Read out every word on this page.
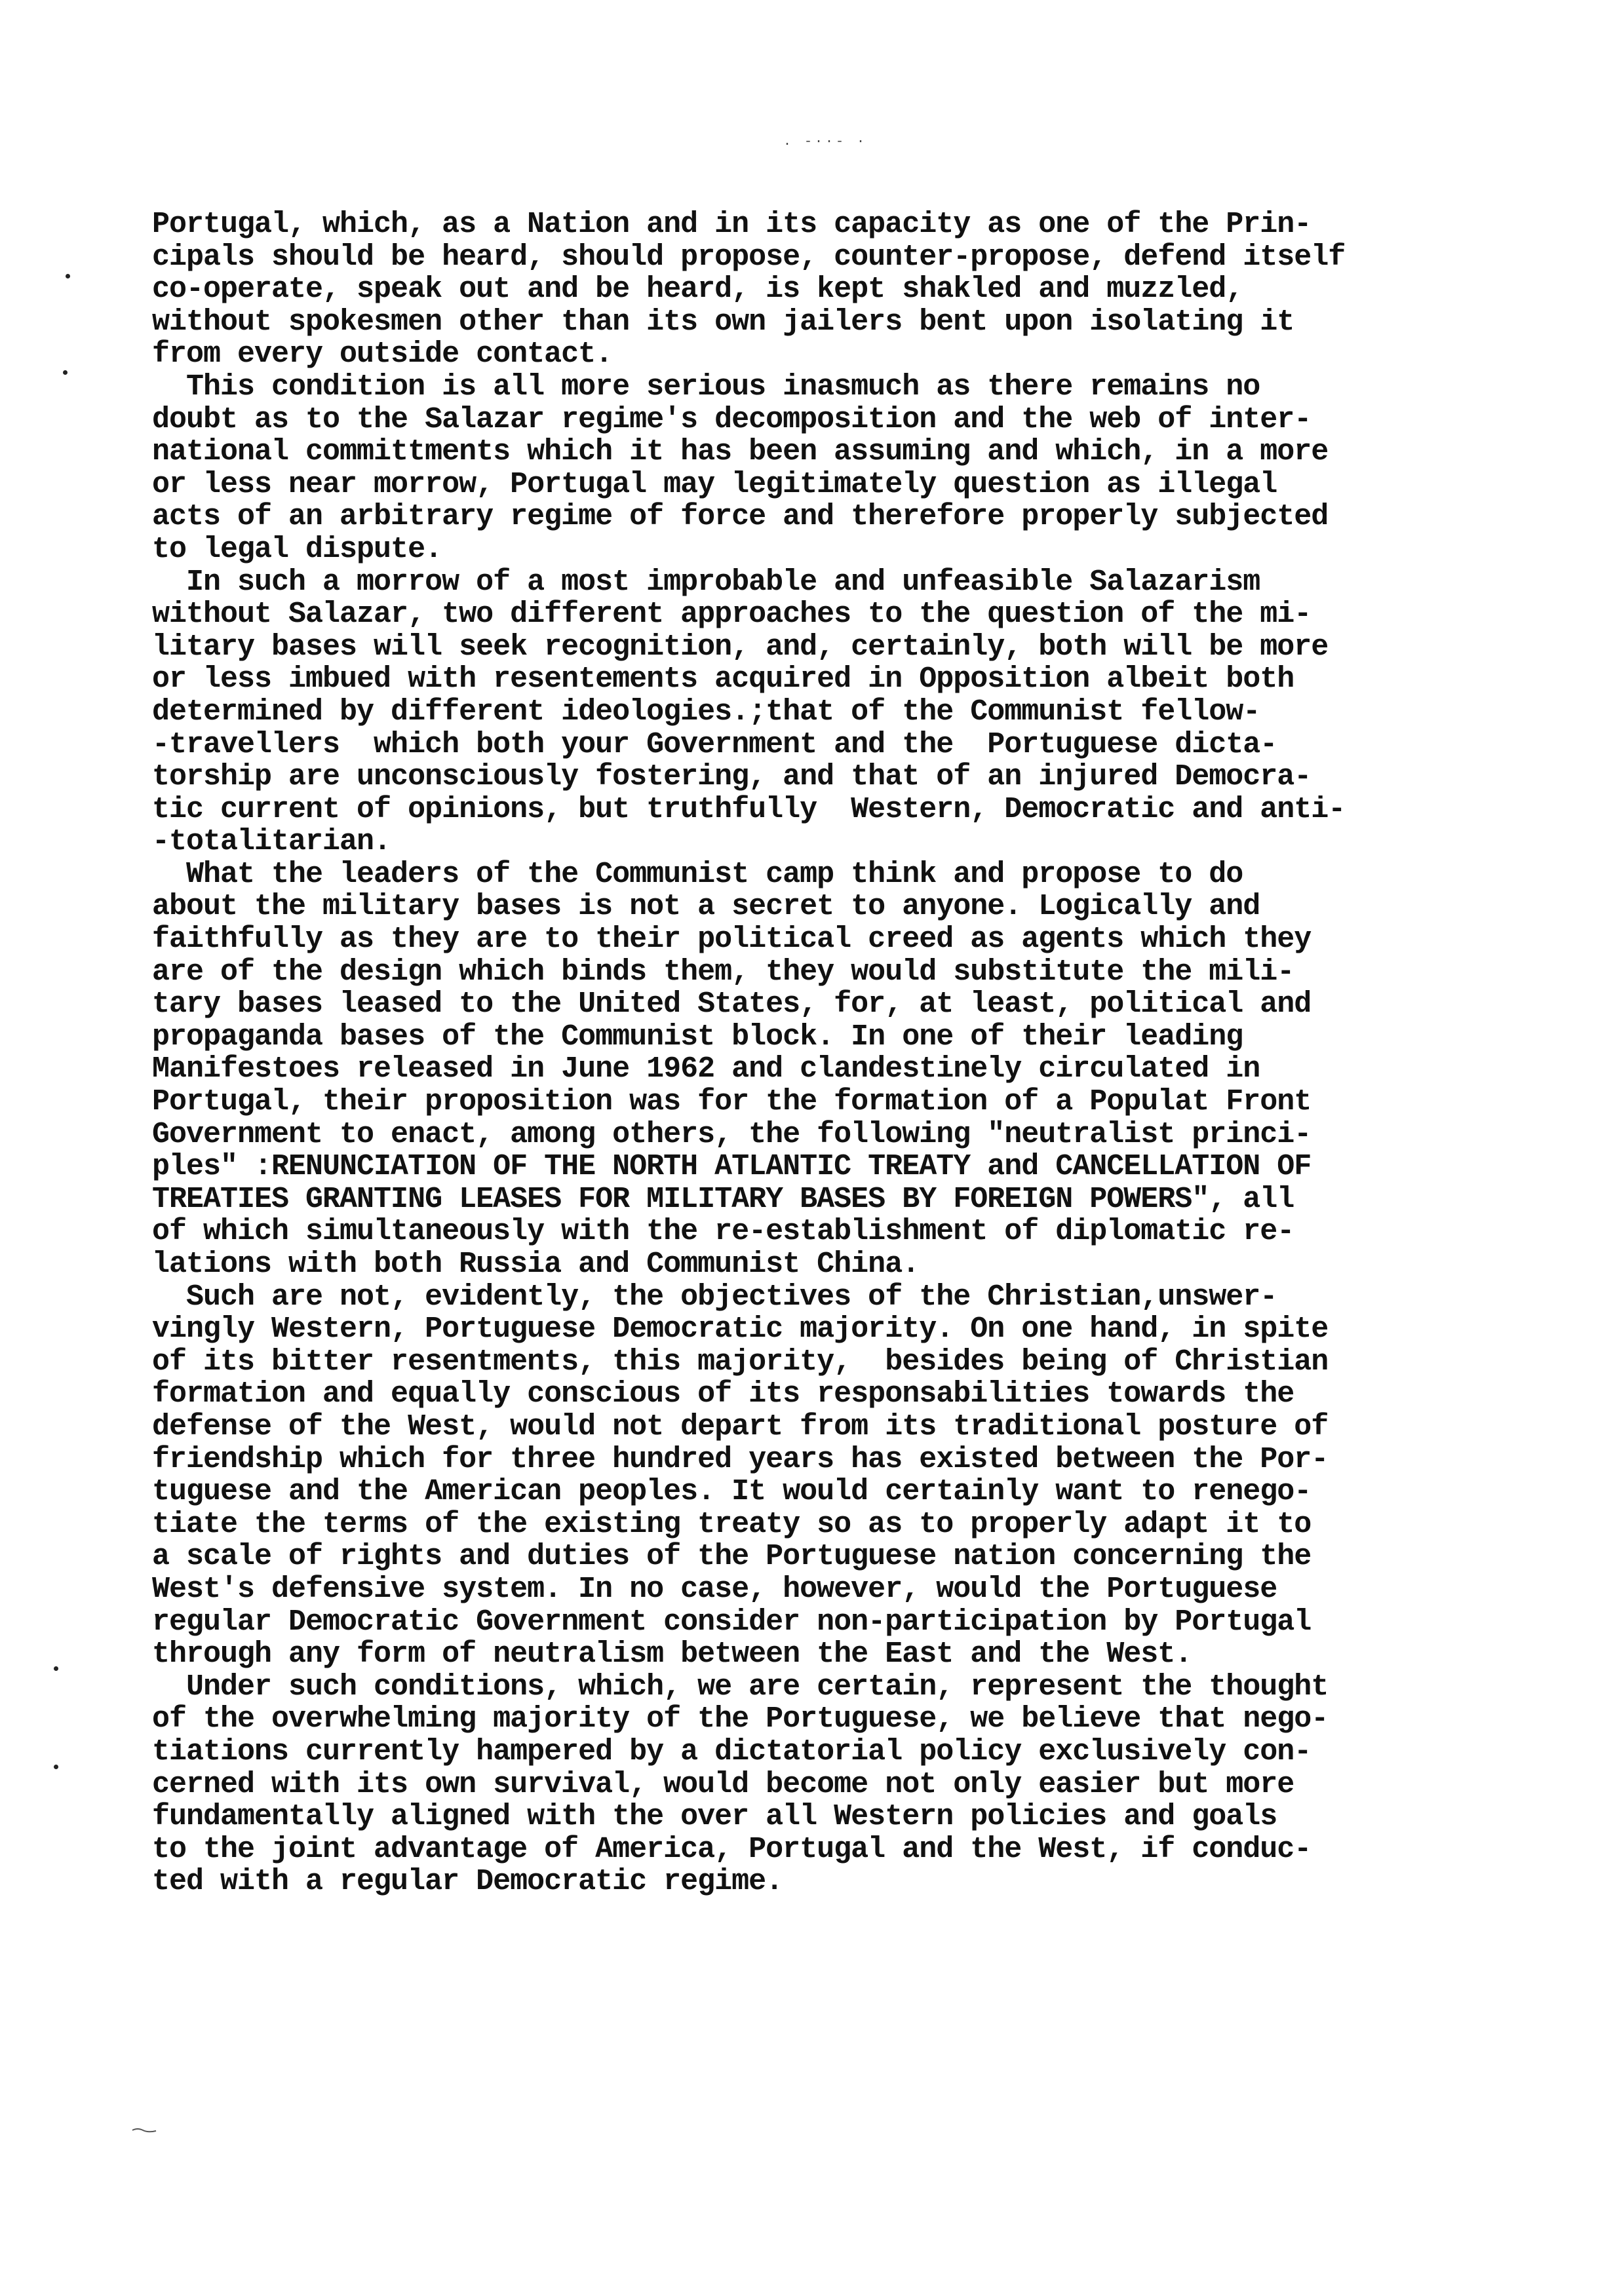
. -··- ·
Portugal, which, as a Nation and in its capacity as one of the Prin-
cipals should be heard, should propose, counter-propose, defend itself
co-operate, speak out and be heard, is kept shakled and muzzled,
without spokesmen other than its own jailers bent upon isolating it
from every outside contact.
This condition is all more serious inasmuch as there remains no
doubt as to the Salazar regime's decomposition and the web of inter-
national committments which it has been assuming and which, in a more
or less near morrow, Portugal may legitimately question as illegal
acts of an arbitrary regime of force and therefore properly subjected
to legal dispute.
In such a morrow of a most improbable and unfeasible Salazarism
without Salazar, two different approaches to the question of the mi-
litary bases will seek recognition, and, certainly, both will be more
or less imbued with resentements acquired in Opposition albeit both
determined by different ideologies.;that of the Communist fellow-
-travellers  which both your Government and the  Portuguese dicta-
torship are unconsciously fostering, and that of an injured Democra-
tic current of opinions, but truthfully  Western, Democratic and anti-
-totalitarian.
What the leaders of the Communist camp think and propose to do
about the military bases is not a secret to anyone. Logically and
faithfully as they are to their political creed as agents which they
are of the design which binds them, they would substitute the mili-
tary bases leased to the United States, for, at least, political and
propaganda bases of the Communist block. In one of their leading
Manifestoes released in June 1962 and clandestinely circulated in
Portugal, their proposition was for the formation of a Populat Front
Government to enact, among others, the following "neutralist princi-
ples" :RENUNCIATION OF THE NORTH ATLANTIC TREATY and CANCELLATION OF
TREATIES GRANTING LEASES FOR MILITARY BASES BY FOREIGN POWERS", all
of which simultaneously with the re-establishment of diplomatic re-
lations with both Russia and Communist China.
Such are not, evidently, the objectives of the Christian,unswer-
vingly Western, Portuguese Democratic majority. On one hand, in spite
of its bitter resentments, this majority,  besides being of Christian
formation and equally conscious of its responsabilities towards the
defense of the West, would not depart from its traditional posture of
friendship which for three hundred years has existed between the Por-
tuguese and the American peoples. It would certainly want to renego-
tiate the terms of the existing treaty so as to properly adapt it to
a scale of rights and duties of the Portuguese nation concerning the
West's defensive system. In no case, however, would the Portuguese
regular Democratic Government consider non-participation by Portugal
through any form of neutralism between the East and the West.
Under such conditions, which, we are certain, represent the thought
of the overwhelming majority of the Portuguese, we believe that nego-
tiations currently hampered by a dictatorial policy exclusively con-
cerned with its own survival, would become not only easier but more
fundamentally aligned with the over all Western policies and goals
to the joint advantage of America, Portugal and the West, if conduc-
ted with a regular Democratic regime.
